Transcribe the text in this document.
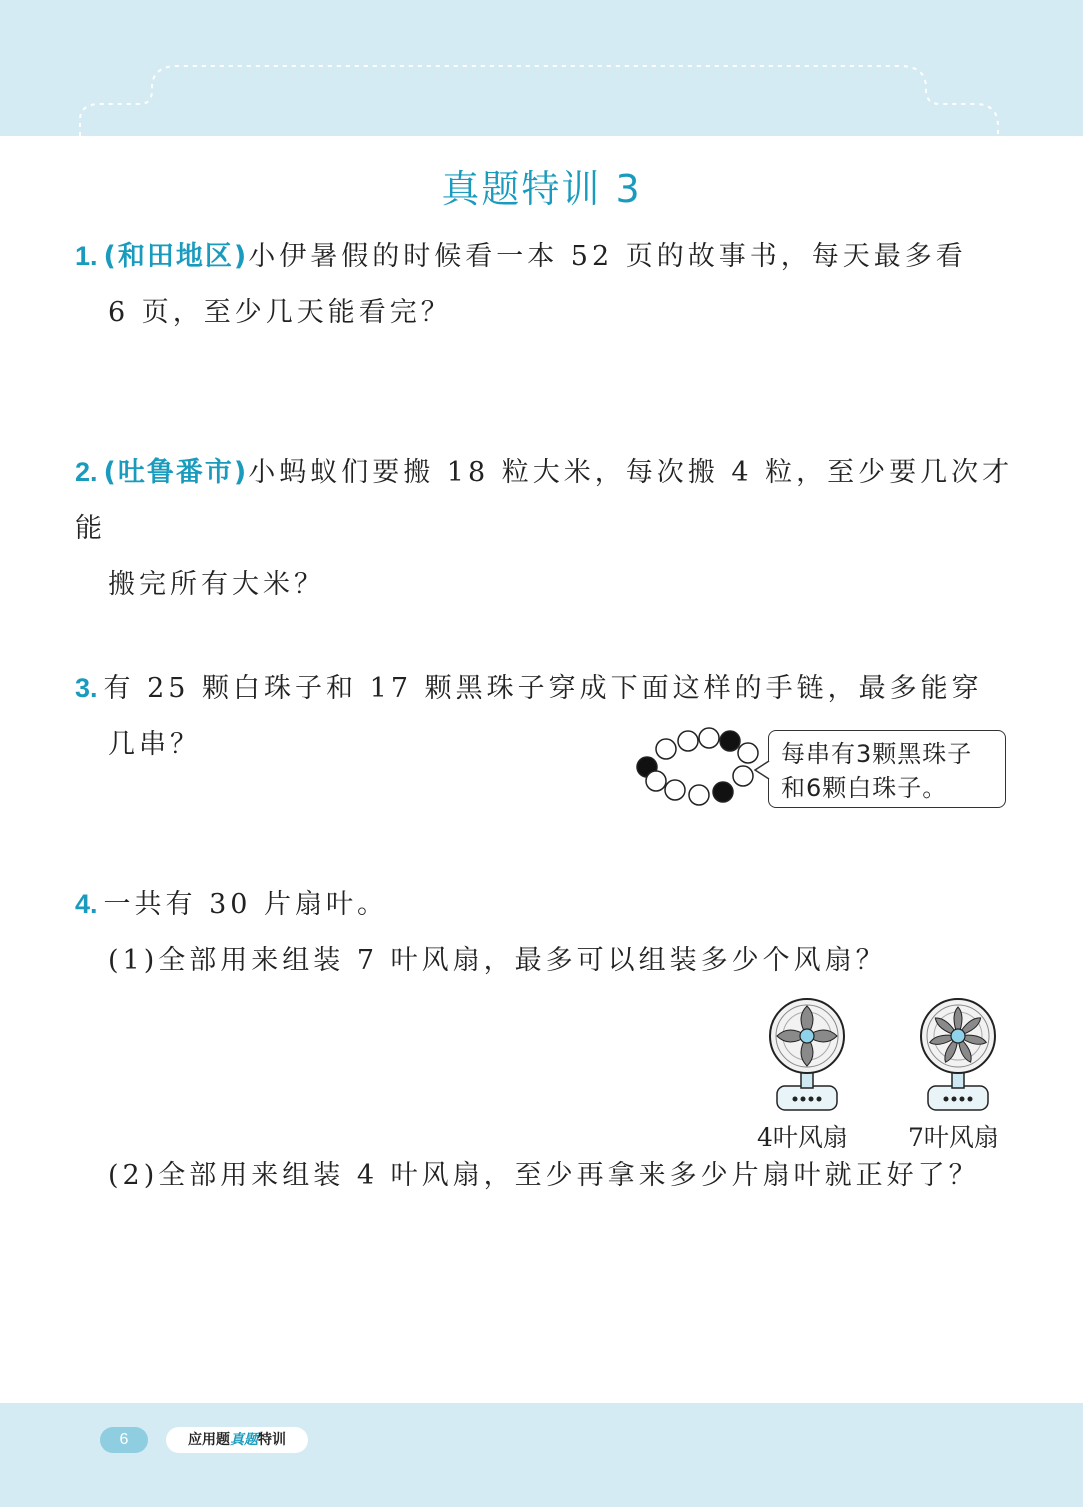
真题特训 3
1. (和田地区)小伊暑假的时候看一本 52 页的故事书，每天最多看
6 页，至少几天能看完？
2. (吐鲁番市)小蚂蚁们要搬 18 粒大米，每次搬 4 粒，至少要几次才能
搬完所有大米？
3. 有 25 颗白珠子和 17 颗黑珠子穿成下面这样的手链，最多能穿
几串？	每串有3颗黑珠子
和6颗白珠子。
4. 一共有 30 片扇叶。
(1)全部用来组装 7 叶风扇，最多可以组装多少个风扇？
4叶风扇 7叶风扇
(2)全部用来组装 4 叶风扇，至少再拿来多少片扇叶就正好了？
6	应用题真题特训
